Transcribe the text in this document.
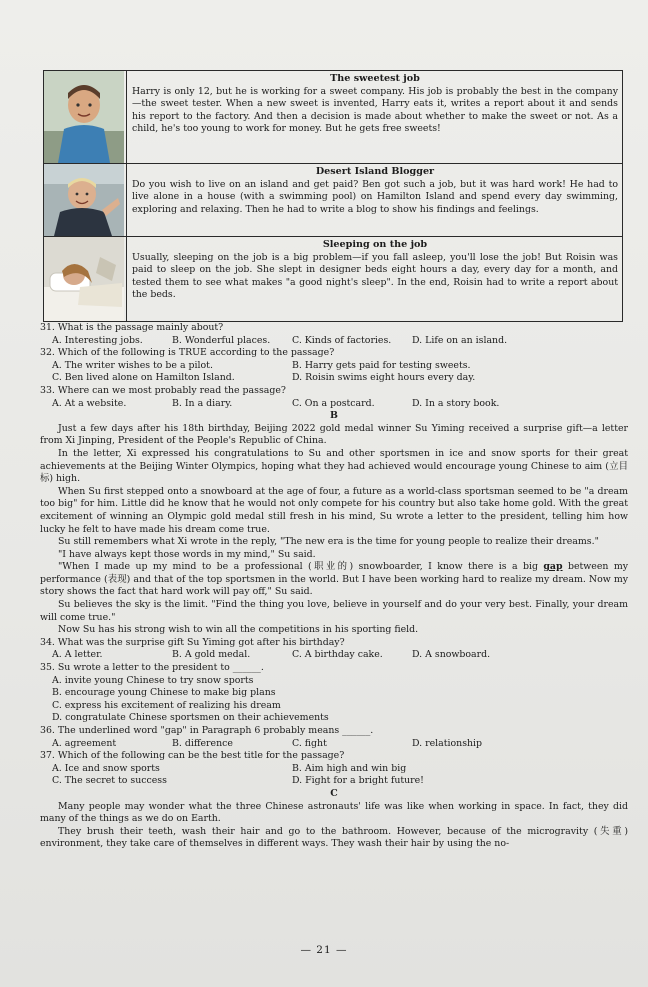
The sweetest job
Harry is only 12, but he is working for a sweet company. His job is probably the best in the company—the sweet tester. When a new sweet is invented, Harry eats it, writes a report about it and sends his report to the factory. And then a decision is made about whether to make the sweet or not. As a child, he's too young to work for money. But he gets free sweets!

Desert Island Blogger
Do you wish to live on an island and get paid? Ben got such a job, but it was hard work! He had to live alone in a house (with a swimming pool) on Hamilton Island and spend every day swimming, exploring and relaxing. Then he had to write a blog to show his findings and feelings.

Sleeping on the job
Usually, sleeping on the job is a big problem—if you fall asleep, you'll lose the job! But Roisin was paid to sleep on the job. She slept in designer beds eight hours a day, every day for a month, and tested them to see what makes "a good night's sleep". In the end, Roisin had to write a report about the beds.
31. What is the passage mainly about?
A. Interesting jobs.	B. Wonderful places.	C. Kinds of factories.	D. Life on an island.
32. Which of the following is TRUE according to the passage?
A. The writer wishes to be a pilot.	B. Harry gets paid for testing sweets.
C. Ben lived alone on Hamilton Island.	D. Roisin swims eight hours every day.
33. Where can we most probably read the passage?
A. At a website.	B. In a diary.	C. On a postcard.	D. In a story book.

B

Just a few days after his 18th birthday, Beijing 2022 gold medal winner Su Yiming received a surprise gift—a letter from Xi Jinping, President of the People's Republic of China.

In the letter, Xi expressed his congratulations to Su and other sportsmen in ice and snow sports for their great achievements at the Beijing Winter Olympics, hoping what they had achieved would encourage young Chinese to aim (立目标) high.

When Su first stepped onto a snowboard at the age of four, a future as a world-class sportsman seemed to be "a dream too big" for him. Little did he know that he would not only compete for his country but also take home gold. With the great excitement of winning an Olympic gold medal still fresh in his mind, Su wrote a letter to the president, telling him how lucky he felt to have made his dream come true.

Su still remembers what Xi wrote in the reply, "The new era is the time for young people to realize their dreams."

"I have always kept those words in my mind," Su said.

"When I made up my mind to be a professional (职业的) snowboarder, I know there is a big gap between my performance (表现) and that of the top sportsmen in the world. But I have been working hard to realize my dream. Now my story shows the fact that hard work will pay off," Su said.

Su believes the sky is the limit. "Find the thing you love, believe in yourself and do your very best. Finally, your dream will come true."

Now Su has his strong wish to win all the competitions in his sporting field.

34. What was the surprise gift Su Yiming got after his birthday?
A. A letter.	B. A gold medal.	C. A birthday cake.	D. A snowboard.
35. Su wrote a letter to the president to ______.
A. invite young Chinese to try snow sports
B. encourage young Chinese to make big plans
C. express his excitement of realizing his dream
D. congratulate Chinese sportsmen on their achievements
36. The underlined word "gap" in Paragraph 6 probably means ______.
A. agreement	B. difference	C. fight	D. relationship
37. Which of the following can be the best title for the passage?
A. Ice and snow sports	B. Aim high and win big
C. The secret to success	D. Fight for a bright future!

C

Many people may wonder what the three Chinese astronauts' life was like when working in space. In fact, they did many of the things as we do on Earth.

They brush their teeth, wash their hair and go to the bathroom. However, because of the microgravity (失重) environment, they take care of themselves in different ways. They wash their hair by using the no-

— 21 —
